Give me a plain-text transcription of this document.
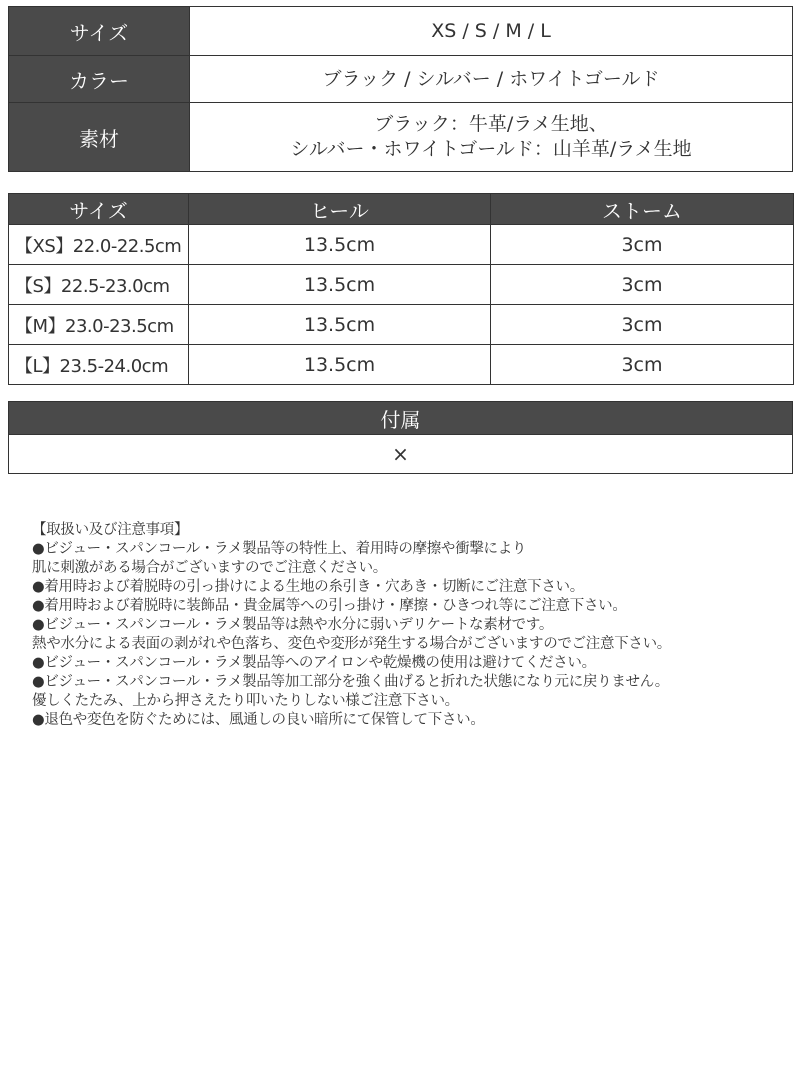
サイズ	XS / S / M / L
カラー	ブラック / シルバー / ホワイトゴールド
素材	ブラック：牛革/ラメ生地、
シルバー・ホワイトゴールド：山羊革/ラメ生地
サイズ	ヒール	ストーム
【XS】22.0-22.5cm	13.5cm	3cm
【S】22.5-23.0cm	13.5cm	3cm
【M】23.0-23.5cm	13.5cm	3cm
【L】23.5-24.0cm	13.5cm	3cm
付属
×
【取扱い及び注意事項】
●ビジュー・スパンコール・ラメ製品等の特性上、着用時の摩擦や衝撃により
肌に刺激がある場合がございますのでご注意ください。
●着用時および着脱時の引っ掛けによる生地の糸引き・穴あき・切断にご注意下さい。
●着用時および着脱時に装飾品・貴金属等への引っ掛け・摩擦・ひきつれ等にご注意下さい。
●ビジュー・スパンコール・ラメ製品等は熱や水分に弱いデリケートな素材です。
熱や水分による表面の剥がれや色落ち、変色や変形が発生する場合がございますのでご注意下さい。
●ビジュー・スパンコール・ラメ製品等へのアイロンや乾燥機の使用は避けてください。
●ビジュー・スパンコール・ラメ製品等加工部分を強く曲げると折れた状態になり元に戻りません。
優しくたたみ、上から押さえたり叩いたりしない様ご注意下さい。
●退色や変色を防ぐためには、風通しの良い暗所にて保管して下さい。
